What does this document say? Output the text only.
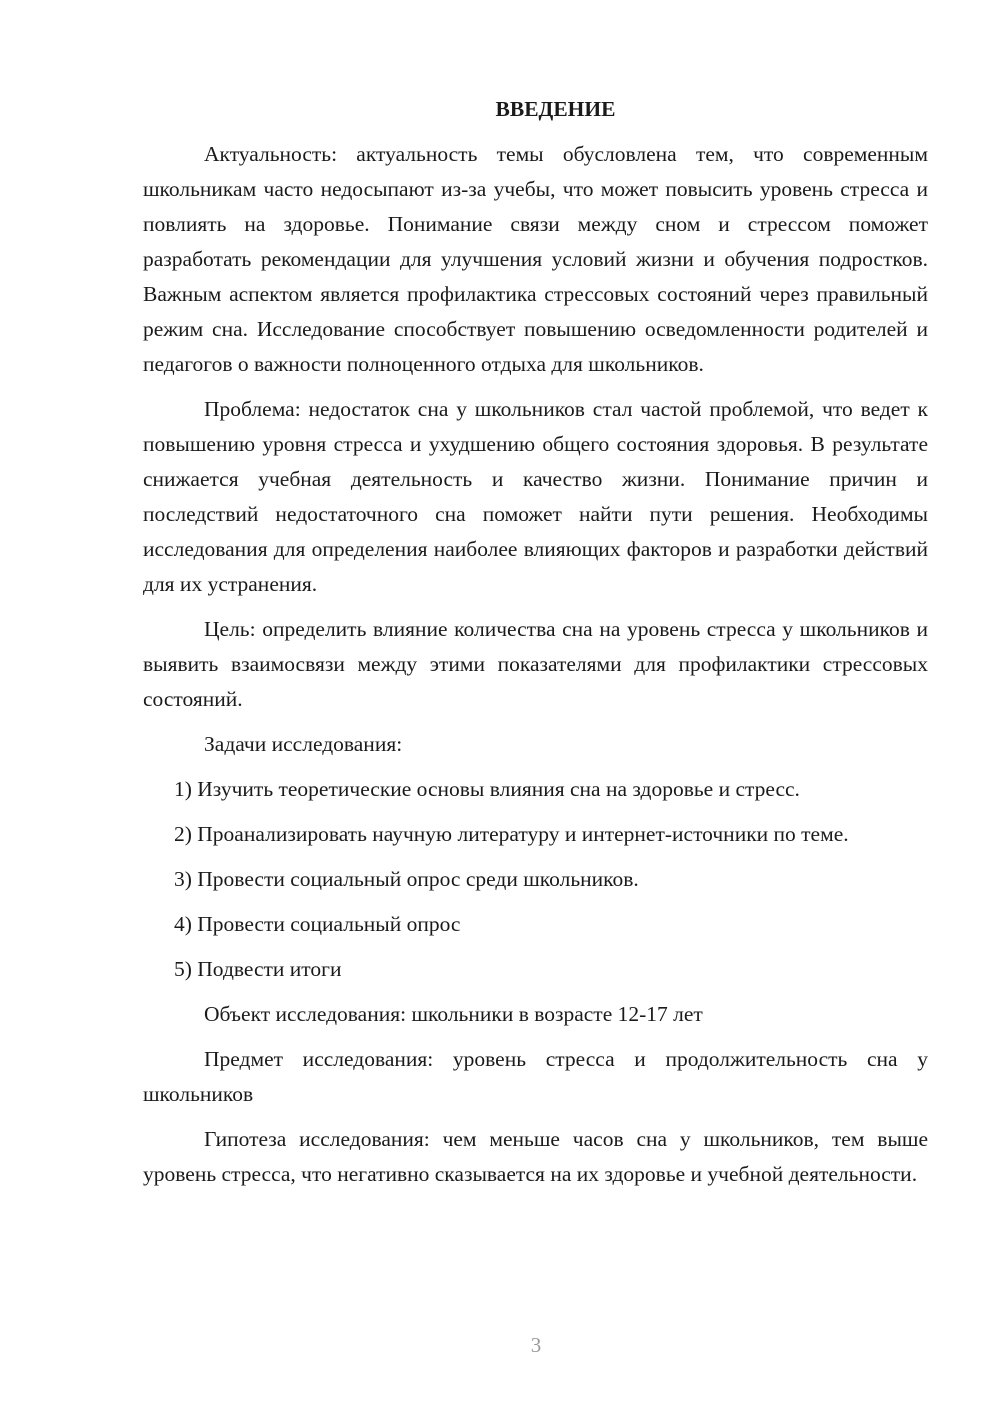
ВВЕДЕНИЕ

Актуальность: актуальность темы обусловлена тем, что современным школьникам часто недосыпают из-за учебы, что может повысить уровень стресса и повлиять на здоровье. Понимание связи между сном и стрессом поможет разработать рекомендации для улучшения условий жизни и обучения подростков. Важным аспектом является профилактика стрессовых состояний через правильный режим сна. Исследование способствует повышению осведомленности родителей и педагогов о важности полноценного отдыха для школьников.

Проблема: недостаток сна у школьников стал частой проблемой, что ведет к повышению уровня стресса и ухудшению общего состояния здоровья. В результате снижается учебная деятельность и качество жизни. Понимание причин и последствий недостаточного сна поможет найти пути решения. Необходимы исследования для определения наиболее влияющих факторов и разработки действий для их устранения.

Цель: определить влияние количества сна на уровень стресса у школьников и выявить взаимосвязи между этими показателями для профилактики стрессовых состояний.

Задачи исследования:

1) Изучить теоретические основы влияния сна на здоровье и стресс.

2) Проанализировать научную литературу и интернет-источники по теме.

3) Провести социальный опрос среди школьников.

4) Провести социальный опрос

5) Подвести итоги

Объект исследования: школьники в возрасте 12-17 лет

Предмет исследования: уровень стресса и продолжительность сна у школьников

Гипотеза исследования: чем меньше часов сна у школьников, тем выше уровень стресса, что негативно сказывается на их здоровье и учебной деятельности.

3
